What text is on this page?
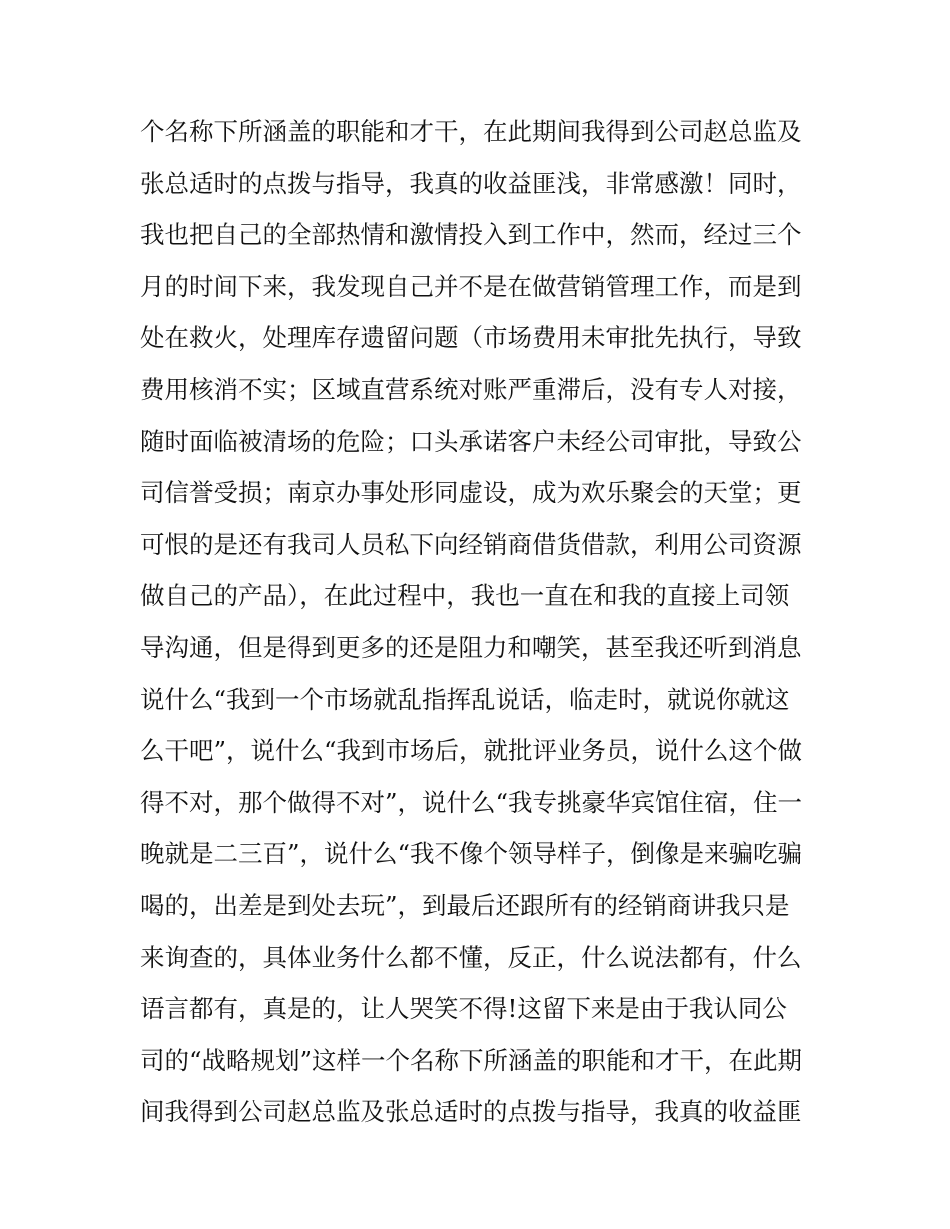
个名称下所涵盖的职能和才干，在此期间我得到公司赵总监及
张总适时的点拨与指导，我真的收益匪浅，非常感激！同时，
我也把自己的全部热情和激情投入到工作中，然而，经过三个
月的时间下来，我发现自己并不是在做营销管理工作，而是到
处在救火，处理库存遗留问题（市场费用未审批先执行，导致
费用核消不实；区域直营系统对账严重滞后，没有专人对接，
随时面临被清场的危险；口头承诺客户未经公司审批，导致公
司信誉受损；南京办事处形同虚设，成为欢乐聚会的天堂；更
可恨的是还有我司人员私下向经销商借货借款，利用公司资源
做自己的产品），在此过程中，我也一直在和我的直接上司领
导沟通，但是得到更多的还是阻力和嘲笑，甚至我还听到消息
说什么“我到一个市场就乱指挥乱说话，临走时，就说你就这
么干吧”，说什么“我到市场后，就批评业务员，说什么这个做
得不对，那个做得不对”，说什么“我专挑豪华宾馆住宿，住一
晚就是二三百”，说什么“我不像个领导样子，倒像是来骗吃骗
喝的，出差是到处去玩”，到最后还跟所有的经销商讲我只是
来询查的，具体业务什么都不懂，反正，什么说法都有，什么
语言都有，真是的，让人哭笑不得!这留下来是由于我认同公
司的“战略规划”这样一个名称下所涵盖的职能和才干，在此期
间我得到公司赵总监及张总适时的点拨与指导，我真的收益匪
